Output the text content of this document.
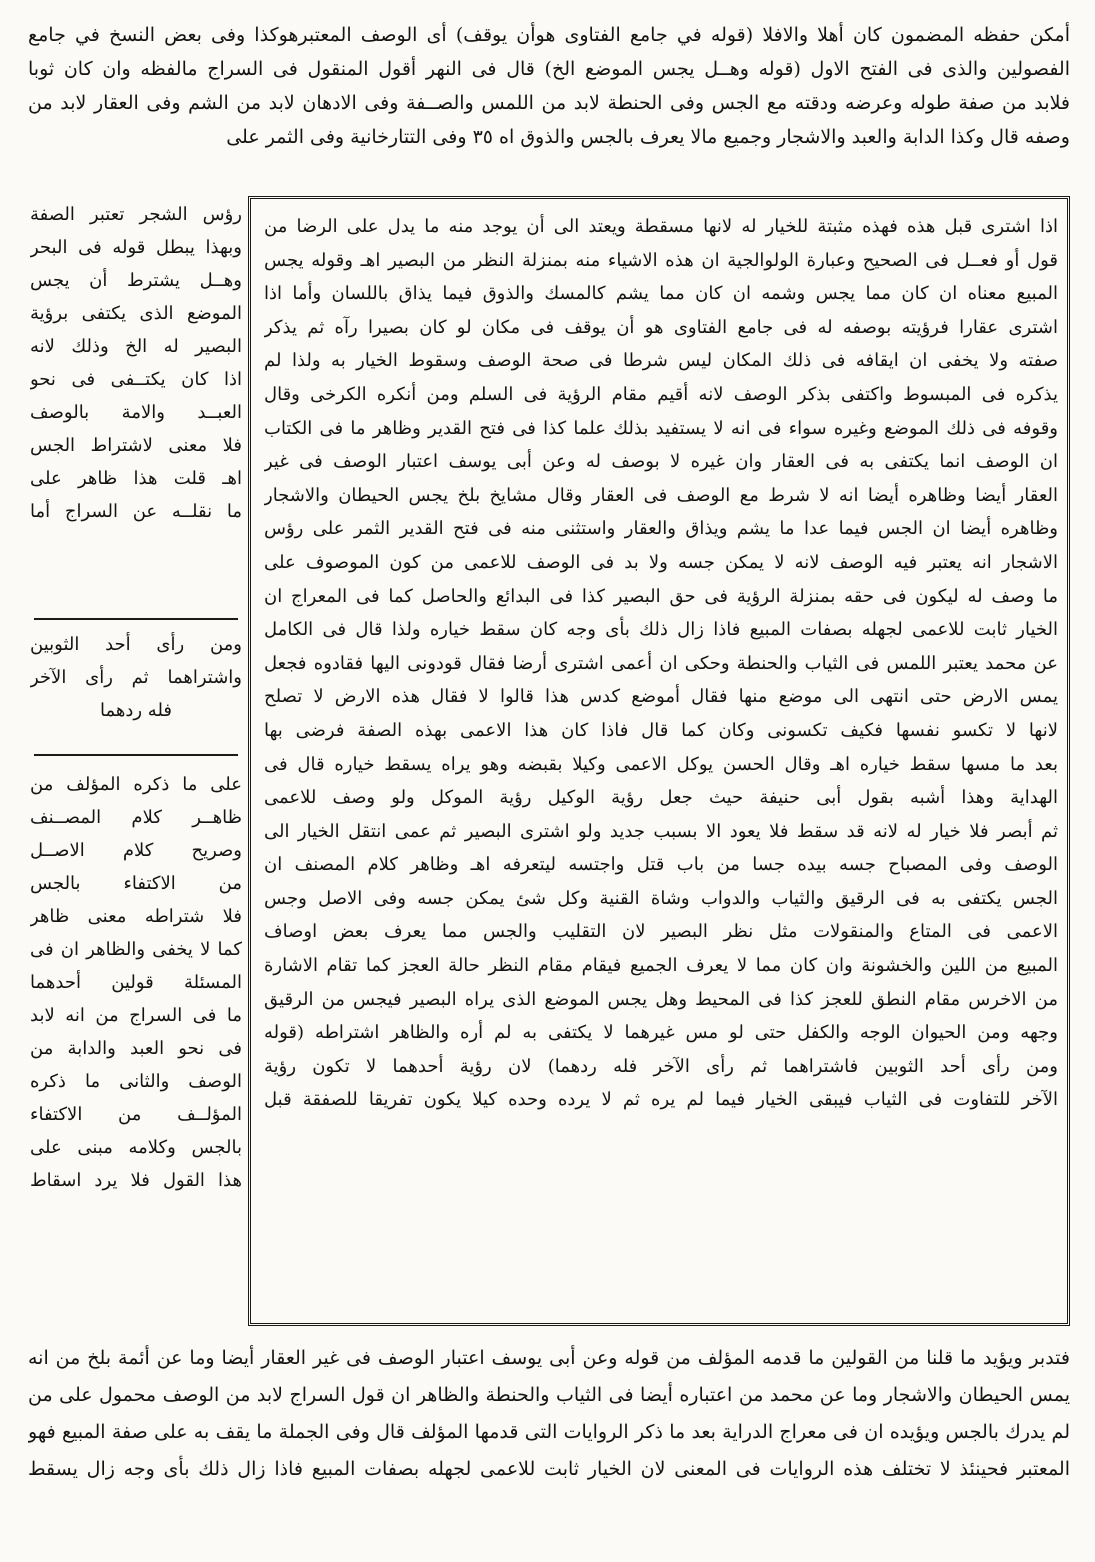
أمكن حفظه المضمون كان أهلا والافلا (قوله في جامع الفتاوى هوأن يوقف) أى الوصف المعتبرهوكذا وفى بعض النسخ في جامع
الفصولين والذى فى الفتح الاول (قوله وهــل يجس الموضع الخ) قال فى النهر أقول المنقول فى السراج مالفظه وان كان ثوبا
فلابد من صفة طوله وعرضه ودقته مع الجس وفى الحنطة لابد من اللمس والصــفة وفى الادهان لابد من الشم وفى العقار لابد من
وصفه قال وكذا الدابة والعبد والاشجار وجميع مالا يعرف بالجس والذوق اه ٣٥ وفى التتارخانية وفى الثمر على
اذا اشترى قبل هذه فهذه مثبتة للخيار له لانها مسقطة ويعتد الى أن يوجد منه ما يدل على الرضا من
قول أو فعــل فى الصحيح وعبارة الولوالجية ان هذه الاشياء منه بمنزلة النظر من البصير اهـ وقوله يجس
المبيع معناه ان كان مما يجس وشمه ان كان مما يشم كالمسك والذوق فيما يذاق باللسان وأما اذا
اشترى عقارا فرؤيته بوصفه له فى جامع الفتاوى هو أن يوقف فى مكان لو كان بصيرا رآه ثم يذكر
صفته ولا يخفى ان ايقافه فى ذلك المكان ليس شرطا فى صحة الوصف وسقوط الخيار به ولذا لم
يذكره فى المبسوط واكتفى بذكر الوصف لانه أقيم مقام الرؤية فى السلم ومن أنكره الكرخى وقال
وقوفه فى ذلك الموضع وغيره سواء فى انه لا يستفيد بذلك علما كذا فى فتح القدير وظاهر ما فى الكتاب
ان الوصف انما يكتفى به فى العقار وان غيره لا بوصف له وعن أبى يوسف اعتبار الوصف فى غير
العقار أيضا وظاهره أيضا انه لا شرط مع الوصف فى العقار وقال مشايخ بلخ يجس الحيطان والاشجار
وظاهره أيضا ان الجس فيما عدا ما يشم ويذاق والعقار واستثنى منه فى فتح القدير الثمر على رؤس
الاشجار انه يعتبر فيه الوصف لانه لا يمكن جسه ولا بد فى الوصف للاعمى من كون الموصوف على
ما وصف له ليكون فى حقه بمنزلة الرؤية فى حق البصير كذا فى البدائع والحاصل كما فى المعراج ان
الخيار ثابت للاعمى لجهله بصفات المبيع فاذا زال ذلك بأى وجه كان سقط خياره ولذا قال فى الكامل
عن محمد يعتبر اللمس فى الثياب والحنطة وحكى ان أعمى اشترى أرضا فقال قودونى اليها فقادوه فجعل
يمس الارض حتى انتهى الى موضع منها فقال أموضع كدس هذا قالوا لا فقال هذه الارض لا تصلح
لانها لا تكسو نفسها فكيف تكسونى وكان كما قال فاذا كان هذا الاعمى بهذه الصفة فرضى بها
بعد ما مسها سقط خياره اهـ وقال الحسن يوكل الاعمى وكيلا بقبضه وهو يراه يسقط خياره قال فى
الهداية وهذا أشبه بقول أبى حنيفة حيث جعل رؤية الوكيل رؤية الموكل ولو وصف للاعمى
ثم أبصر فلا خيار له لانه قد سقط فلا يعود الا بسبب جديد ولو اشترى البصير ثم عمى انتقل الخيار الى
الوصف وفى المصباح جسه بيده جسا من باب قتل واجتسه ليتعرفه اهـ وظاهر كلام المصنف ان
الجس يكتفى به فى الرقيق والثياب والدواب وشاة القنية وكل شئ يمكن جسه وفى الاصل وجس
الاعمى فى المتاع والمنقولات مثل نظر البصير لان التقليب والجس مما يعرف بعض اوصاف
المبيع من اللين والخشونة وان كان مما لا يعرف الجميع فيقام مقام النظر حالة العجز كما تقام الاشارة
من الاخرس مقام النطق للعجز كذا فى المحيط وهل يجس الموضع الذى يراه البصير فيجس من الرقيق
وجهه ومن الحيوان الوجه والكفل حتى لو مس غيرهما لا يكتفى به لم أره والظاهر اشتراطه (قوله
ومن رأى أحد الثوبين فاشتراهما ثم رأى الآخر فله ردهما) لان رؤية أحدهما لا تكون رؤية
الآخر للتفاوت فى الثياب فيبقى الخيار فيما لم يره ثم لا يرده وحده كيلا يكون تفريقا للصفقة قبل
رؤس الشجر تعتبر الصفة
وبهذا يبطل قوله فى البحر
وهــل يشترط أن يجس
الموضع الذى يكتفى برؤية
البصير له الخ وذلك لانه
اذا كان يكتــفى فى نحو
العبــد والامة بالوصف
فلا معنى لاشتراط الجس
اهـ قلت هذا ظاهر على
ما نقلــه عن السراج أما
ومن رأى أحد الثوبين
واشتراهما ثم رأى الآخر
فله ردهما
على ما ذكره المؤلف من
ظاهــر كلام المصــنف
وصريح كلام الاصــل
من الاكتفاء بالجس
فلا شتراطه معنى ظاهر
كما لا يخفى والظاهر ان فى
المسئلة قولين أحدهما
ما فى السراج من انه لابد
فى نحو العبد والدابة من
الوصف والثانى ما ذكره
المؤلــف من الاكتفاء
بالجس وكلامه مبنى على
هذا القول فلا يرد اسقاط
فتدبر ويؤيد ما قلنا من القولين ما قدمه المؤلف من قوله وعن أبى يوسف اعتبار الوصف فى غير العقار أيضا وما عن أئمة بلخ من انه
يمس الحيطان والاشجار وما عن محمد من اعتباره أيضا فى الثياب والحنطة والظاهر ان قول السراج لابد من الوصف محمول على من
لم يدرك بالجس ويؤيده ان فى معراج الدراية بعد ما ذكر الروايات التى قدمها المؤلف قال وفى الجملة ما يقف به على صفة المبيع فهو
المعتبر فحينئذ لا تختلف هذه الروايات فى المعنى لان الخيار ثابت للاعمى لجهله بصفات المبيع فاذا زال ذلك بأى وجه زال يسقط
